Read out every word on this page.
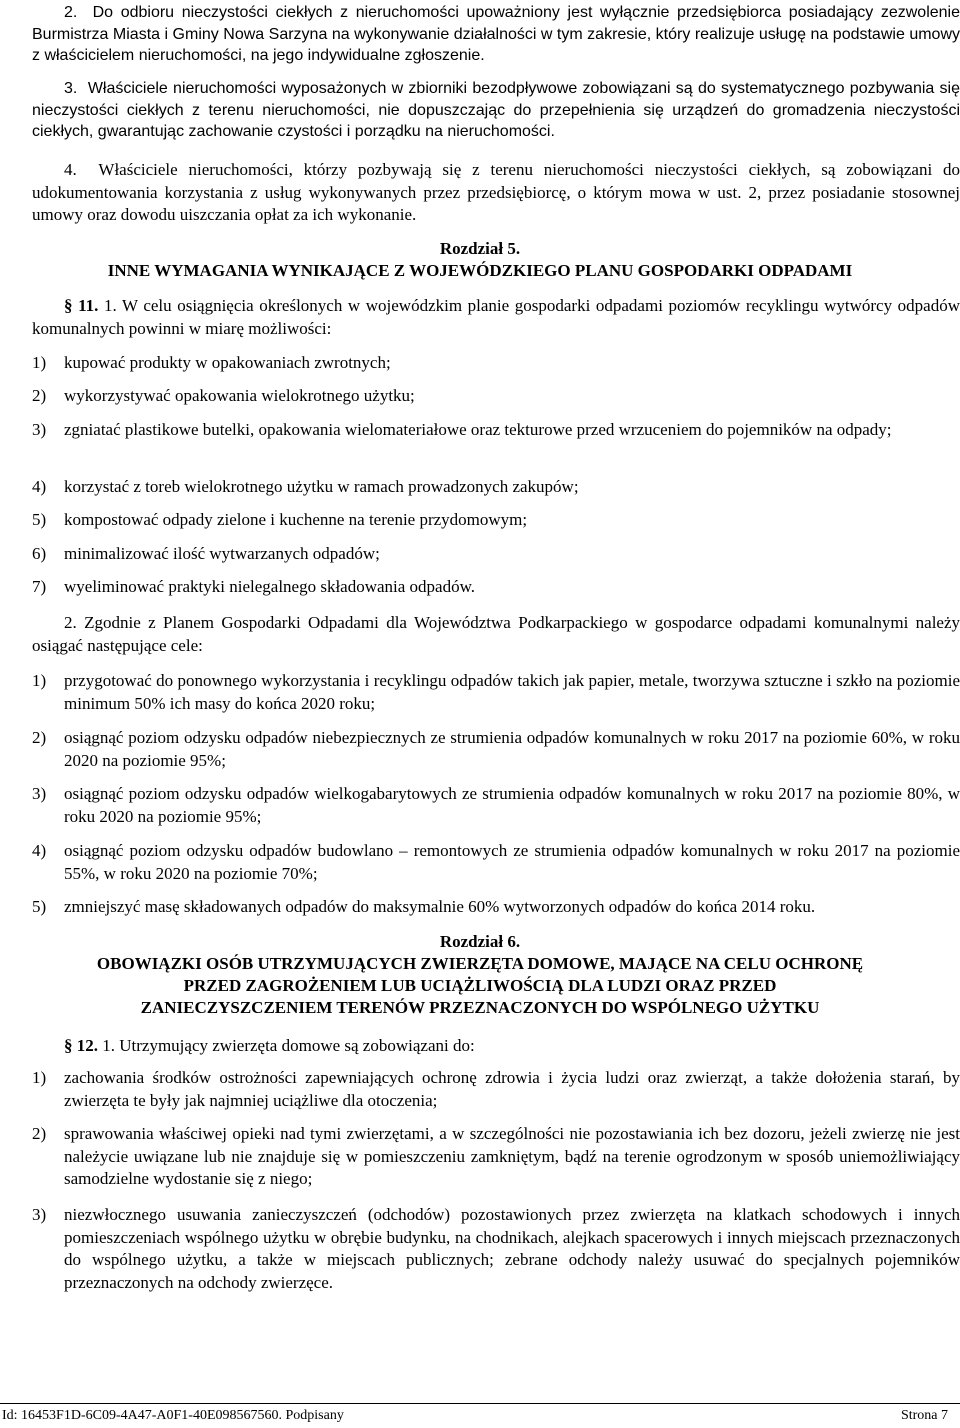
2. Do odbioru nieczystości ciekłych z nieruchomości upoważniony jest wyłącznie przedsiębiorca posiadający zezwolenie Burmistrza Miasta i Gminy Nowa Sarzyna na wykonywanie działalności w tym zakresie, który realizuje usługę na podstawie umowy z właścicielem nieruchomości, na jego indywidualne zgłoszenie.

3. Właściciele nieruchomości wyposażonych w zbiorniki bezodpływowe zobowiązani są do systematycznego pozbywania się nieczystości ciekłych z terenu nieruchomości, nie dopuszczając do przepełnienia się urządzeń do gromadzenia nieczystości ciekłych, gwarantując zachowanie czystości i porządku na nieruchomości.

4. Właściciele nieruchomości, którzy pozbywają się z terenu nieruchomości nieczystości ciekłych, są zobowiązani do udokumentowania korzystania z usług wykonywanych przez przedsiębiorcę, o którym mowa w ust. 2, przez posiadanie stosownej umowy oraz dowodu uiszczania opłat za ich wykonanie.

Rozdział 5.

INNE WYMAGANIA WYNIKAJĄCE Z WOJEWÓDZKIEGO PLANU GOSPODARKI ODPADAMI

§ 11. 1. W celu osiągnięcia określonych w wojewódzkim planie gospodarki odpadami poziomów recyklingu wytwórcy odpadów komunalnych powinni w miarę możliwości:

1) kupować produkty w opakowaniach zwrotnych;

2) wykorzystywać opakowania wielokrotnego użytku;

3) zgniatać plastikowe butelki, opakowania wielomateriałowe oraz tekturowe przed wrzuceniem do pojemników na odpady;

4) korzystać z toreb wielokrotnego użytku w ramach prowadzonych zakupów;

5) kompostować odpady zielone i kuchenne na terenie przydomowym;

6) minimalizować ilość wytwarzanych odpadów;

7) wyeliminować praktyki nielegalnego składowania odpadów.

2. Zgodnie z Planem Gospodarki Odpadami dla Województwa Podkarpackiego w gospodarce odpadami komunalnymi należy osiągać następujące cele:

1) przygotować do ponownego wykorzystania i recyklingu odpadów takich jak papier, metale, tworzywa sztuczne i szkło na poziomie minimum 50% ich masy do końca 2020 roku;

2) osiągnąć poziom odzysku odpadów niebezpiecznych ze strumienia odpadów komunalnych w roku 2017 na poziomie 60%, w roku 2020 na poziomie 95%;

3) osiągnąć poziom odzysku odpadów wielkogabarytowych ze strumienia odpadów komunalnych w roku 2017 na poziomie 80%, w roku 2020 na poziomie 95%;

4) osiągnąć poziom odzysku odpadów budowlano – remontowych ze strumienia odpadów komunalnych w roku 2017 na poziomie 55%, w roku 2020 na poziomie 70%;

5) zmniejszyć masę składowanych odpadów do maksymalnie 60% wytworzonych odpadów do końca 2014 roku.

Rozdział 6.

OBOWIĄZKI OSÓB UTRZYMUJĄCYCH ZWIERZĘTA DOMOWE, MAJĄCE NA CELU OCHRONĘ

PRZED ZAGROŻENIEM LUB UCIĄŻLIWOŚCIĄ DLA LUDZI ORAZ PRZED

ZANIECZYSZCZENIEM TERENÓW PRZEZNACZONYCH DO WSPÓLNEGO UŻYTKU

§ 12. 1. Utrzymujący zwierzęta domowe są zobowiązani do:

1) zachowania środków ostrożności zapewniających ochronę zdrowia i życia ludzi oraz zwierząt, a także dołożenia starań, by zwierzęta te były jak najmniej uciążliwe dla otoczenia;

2) sprawowania właściwej opieki nad tymi zwierzętami, a w szczególności nie pozostawiania ich bez dozoru, jeżeli zwierzę nie jest należycie uwiązane lub nie znajduje się w pomieszczeniu zamkniętym, bądź na terenie ogrodzonym w sposób uniemożliwiający samodzielne wydostanie się z niego;

3) niezwłocznego usuwania zanieczyszczeń (odchodów) pozostawionych przez zwierzęta na klatkach schodowych i innych pomieszczeniach wspólnego użytku w obrębie budynku, na chodnikach, alejkach spacerowych i innych miejscach przeznaczonych do wspólnego użytku, a także w miejscach publicznych; zebrane odchody należy usuwać do specjalnych pojemników przeznaczonych na odchody zwierzęce.

Id: 16453F1D-6C09-4A47-A0F1-40E098567560. Podpisany	Strona 7
